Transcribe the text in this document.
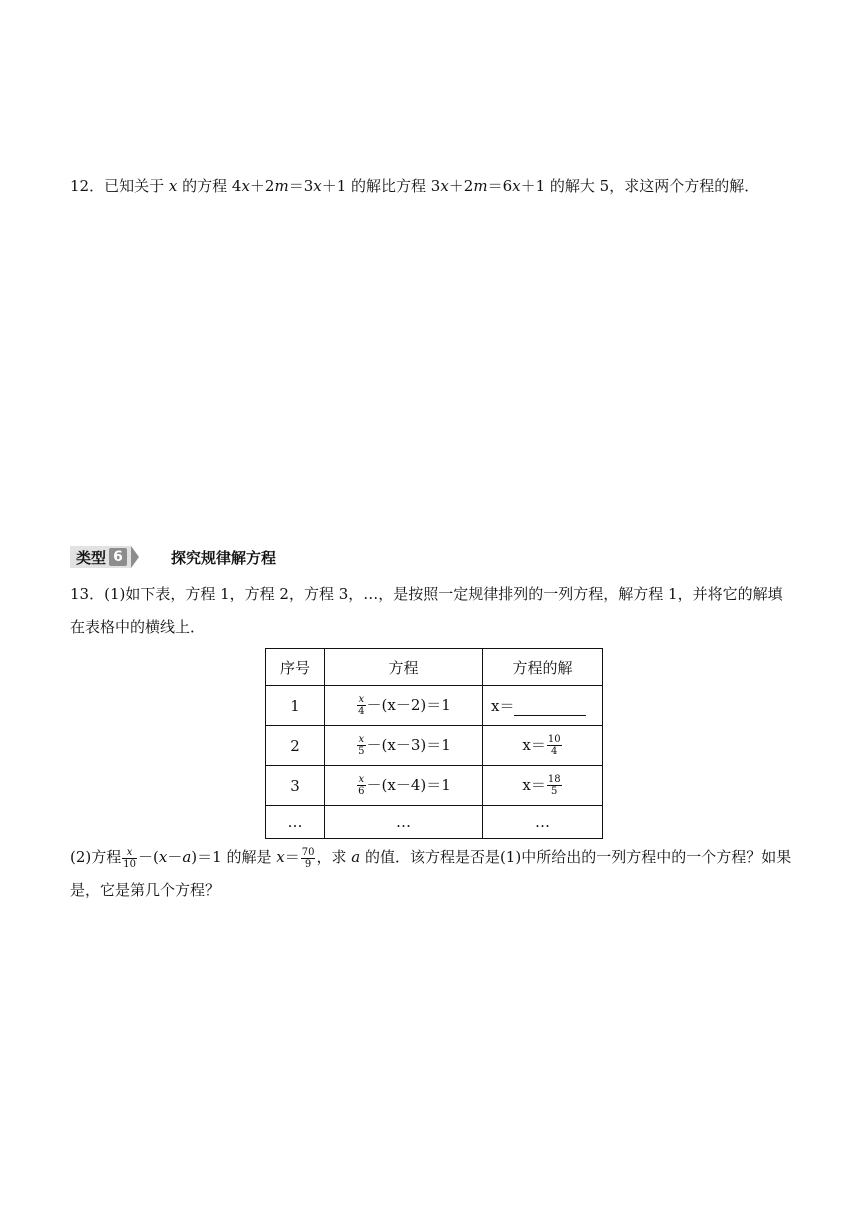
12．已知关于 x 的方程 4x＋2m＝3x＋1 的解比方程 3x＋2m＝6x＋1 的解大 5，求这两个方程的解．
类型 6	探究规律解方程
13．(1)如下表，方程 1，方程 2，方程 3，…，是按照一定规律排列的一列方程，解方程 1，并将它的解填在表格中的横线上．
序号	方程	方程的解
1	$\frac{x}{4} -(x-2)=1$	x＝
2	$\frac{x}{5} -(x-3)=1$	$x= \frac{10}{4}$

3	$\frac{x}{6} -(x-4)=1$	$x= \frac{18}{5}$

…	…	…
(2)方程 $\frac{x}{10} -(x-a)=1$ 的解是 $x= \frac{70}{9}$ ，求 a 的值．该方程是否是(1)中所给出的一列方程中的一个方程？如果是，它是第几个方程？
